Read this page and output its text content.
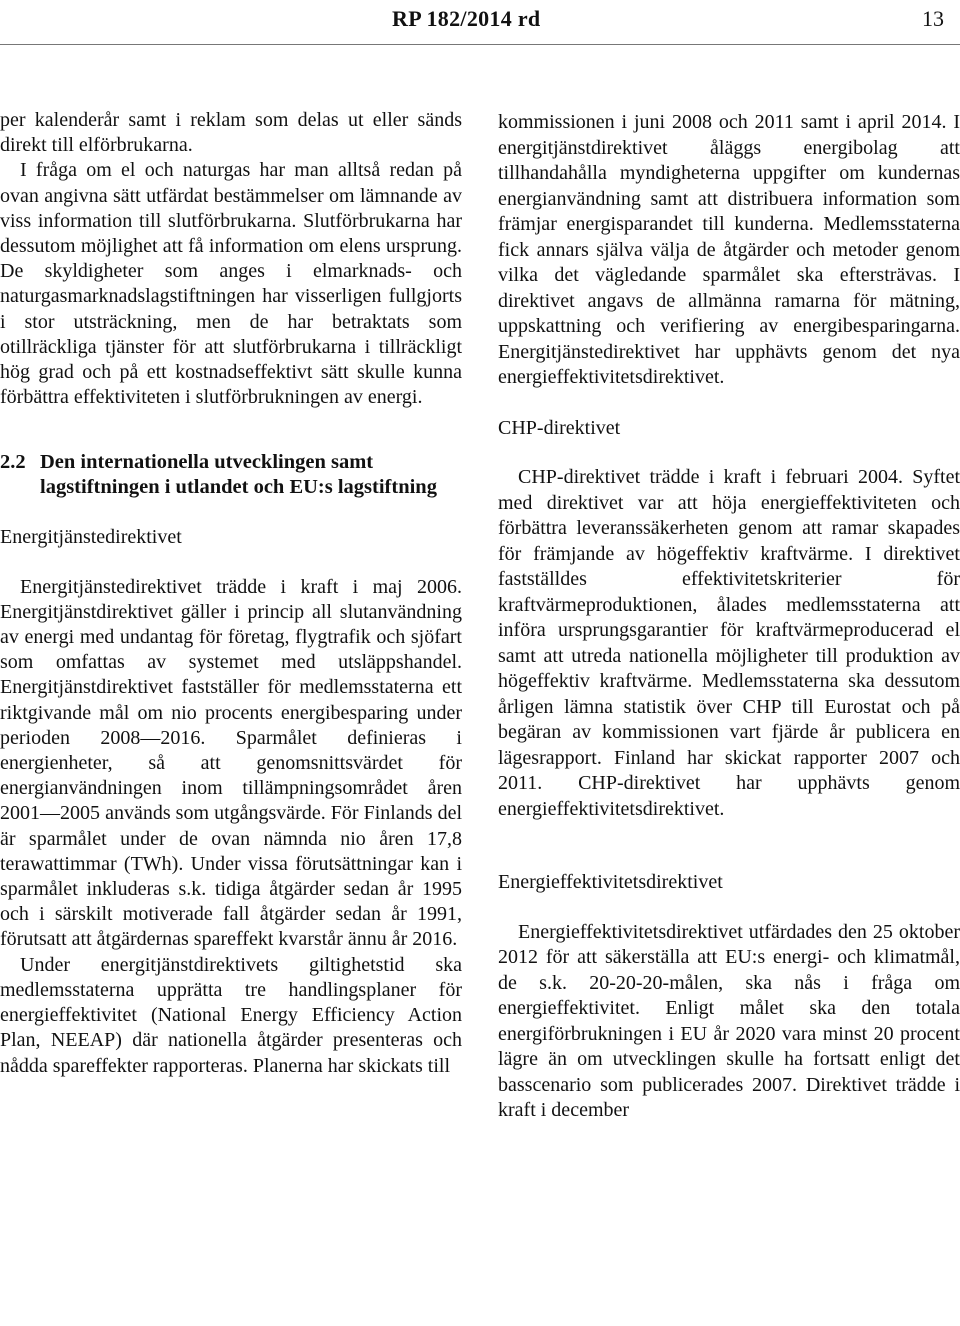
RP 182/2014 rd	13

per kalenderår samt i reklam som delas ut eller sänds direkt till elförbrukarna.

I fråga om el och naturgas har man alltså redan på ovan angivna sätt utfärdat bestämmelser om lämnande av viss information till slutförbrukarna. Slutförbrukarna har dessutom möjlighet att få information om elens ursprung. De skyldigheter som anges i elmarknads- och naturgasmarknadslagstiftningen har visserligen fullgjorts i stor utsträckning, men de har betraktats som otillräckliga tjänster för att slutförbrukarna i tillräckligt hög grad och på ett kostnadseffektivt sätt skulle kunna förbättra effektiviteten i slutförbrukningen av energi.

2.2 Den internationella utvecklingen samt lagstiftningen i utlandet och EU:s lagstiftning

Energitjänstedirektivet

Energitjänstedirektivet trädde i kraft i maj 2006. Energitjänstdirektivet gäller i princip all slutanvändning av energi med undantag för företag, flygtrafik och sjöfart som omfattas av systemet med utsläppshandel. Energitjänstdirektivet fastställer för medlemsstaterna ett riktgivande mål om nio procents energibesparing under perioden 2008—2016. Sparmålet definieras i energienheter, så att genomsnittsvärdet för energianvändningen inom tillämpningsområdet åren 2001—2005 används som utgångsvärde. För Finlands del är sparmålet under de ovan nämnda nio åren 17,8 terawattimmar (TWh). Under vissa förutsättningar kan i sparmålet inkluderas s.k. tidiga åtgärder sedan år 1995 och i särskilt motiverade fall åtgärder sedan år 1991, förutsatt att åtgärdernas spareffekt kvarstår ännu år 2016.

Under energitjänstdirektivets giltighetstid ska medlemsstaterna upprätta tre handlingsplaner för energieffektivitet (National Energy Efficiency Action Plan, NEEAP) där nationella åtgärder presenteras och nådda spareffekter rapporteras. Planerna har skickats till

kommissionen i juni 2008 och 2011 samt i april 2014. I energitjänstdirektivet åläggs energibolag att tillhandahålla myndigheterna uppgifter om kundernas energianvändning samt att distribuera information som främjar energisparandet till kunderna. Medlemsstaterna fick annars själva välja de åtgärder och metoder genom vilka det vägledande sparmålet ska eftersträvas. I direktivet angavs de allmänna ramarna för mätning, uppskattning och verifiering av energibesparingarna. Energitjänstedirektivet har upphävts genom det nya energieffektivitetsdirektivet.

CHP-direktivet

CHP-direktivet trädde i kraft i februari 2004. Syftet med direktivet var att höja energieffektiviteten och förbättra leveranssäkerheten genom att ramar skapades för främjande av högeffektiv kraftvärme. I direktivet fastställdes effektivitetskriterier för kraftvärmeproduktionen, ålades medlemsstaterna att införa ursprungsgarantier för kraftvärmeproducerad el samt att utreda nationella möjligheter till produktion av högeffektiv kraftvärme. Medlemsstaterna ska dessutom årligen lämna statistik över CHP till Eurostat och på begäran av kommissionen vart fjärde år publicera en lägesrapport. Finland har skickat rapporter 2007 och 2011. CHP-direktivet har upphävts genom energieffektivitetsdirektivet.

Energieffektivitetsdirektivet

Energieffektivitetsdirektivet utfärdades den 25 oktober 2012 för att säkerställa att EU:s energi- och klimatmål, de s.k. 20-20-20-målen, ska nås i fråga om energieffektivitet. Enligt målet ska den totala energiförbrukningen i EU år 2020 vara minst 20 procent lägre än om utvecklingen skulle ha fortsatt enligt det basscenario som publicerades 2007. Direktivet trädde i kraft i december
